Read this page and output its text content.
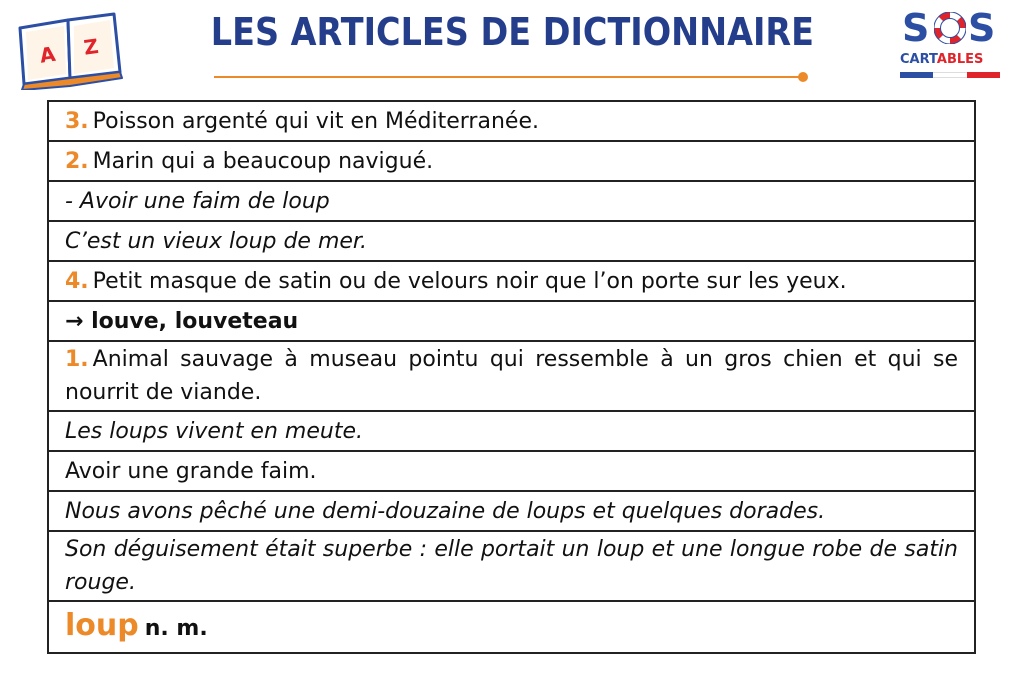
A Z	LES ARTICLES DE DICTIONNAIRE S S
CARTABLES
3. Poisson argenté qui vit en Méditerranée.
2. Marin qui a beaucoup navigué.
- Avoir une faim de loup
C’est un vieux loup de mer.
4. Petit masque de satin ou de velours noir que l’on porte sur les yeux.
→ louve, louveteau
1. Animal sauvage à museau pointu qui ressemble à un gros chien et qui se nourrit de viande.
Les loups vivent en meute.
Avoir une grande faim.
Nous avons pêché une demi-douzaine de loups et quelques dorades.
Son déguisement était superbe : elle portait un loup et une longue robe de satin rouge.
loup n. m.
